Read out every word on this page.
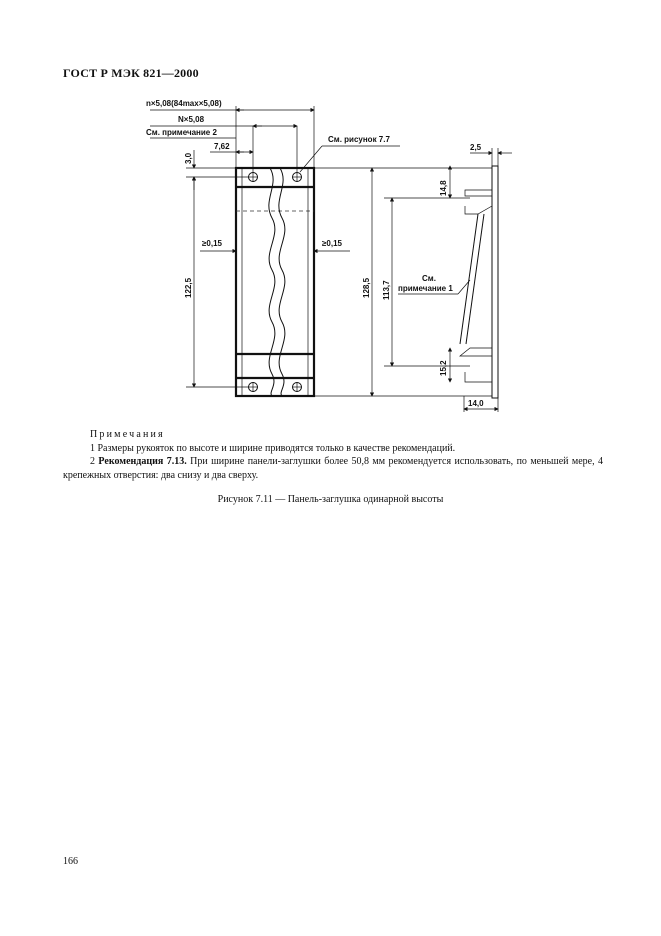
ГОСТ Р МЭК 821—2000
n×5,08(84max×5,08)
N×5,08
См. примечание 2
7,62
См. рисунок 7.7
3,0
122,5
≥0,15	≥0,15
128,5 113,7
14,8
15,2
14,0
2,5
См.
примечание 1
Примечания
1 Размеры рукояток по высоте и ширине приводятся только в качестве рекомендаций.
2 Рекомендация 7.13. При ширине панели-заглушки более 50,8 мм рекомендуется использовать, по меньшей мере, 4 крепежных отверстия: два снизу и два сверху.
Рисунок 7.11 — Панель-заглушка одинарной высоты
166
